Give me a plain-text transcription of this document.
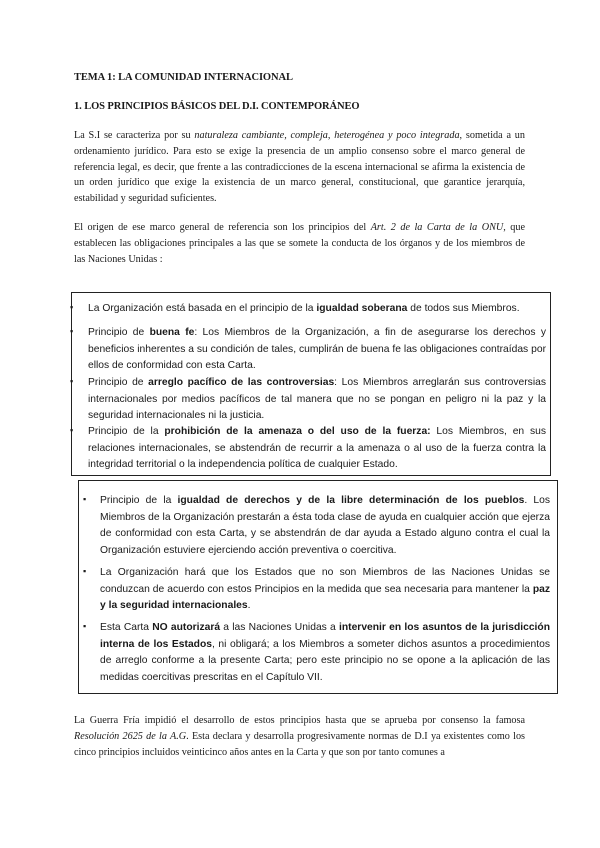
TEMA 1: LA COMUNIDAD INTERNACIONAL
1. LOS PRINCIPIOS BÁSICOS DEL D.I. CONTEMPORÁNEO

La S.I se caracteriza por su naturaleza cambiante, compleja, heterogénea y poco integrada, sometida a un ordenamiento jurídico. Para esto se exige la presencia de un amplio consenso sobre el marco general de referencia legal, es decir, que frente a las contradicciones de la escena internacional se afirma la existencia de un orden jurídico que exige la existencia de un marco general, constitucional, que garantice jerarquía, estabilidad y seguridad suficientes.

El origen de ese marco general de referencia son los principios del Art. 2 de la Carta de la ONU, que establecen las obligaciones principales a las que se somete la conducta de los órganos y de los miembros de las Naciones Unidas :

▪ La Organización está basada en el principio de la igualdad soberana de todos sus Miembros.
▪ Principio de buena fe: Los Miembros de la Organización, a fin de asegurarse los derechos y beneficios inherentes a su condición de tales, cumplirán de buena fe las obligaciones contraídas por ellos de conformidad con esta Carta.
▪ Principio de arreglo pacífico de las controversias: Los Miembros arreglarán sus controversias internacionales por medios pacíficos de tal manera que no se pongan en peligro ni la paz y la seguridad internacionales ni la justicia.
▪ Principio de la prohibición de la amenaza o del uso de la fuerza: Los Miembros, en sus relaciones internacionales, se abstendrán de recurrir a la amenaza o al uso de la fuerza contra la integridad territorial o la independencia política de cualquier Estado.
▪ Principio de la igualdad de derechos y de la libre determinación de los pueblos. Los Miembros de la Organización prestarán a ésta toda clase de ayuda en cualquier acción que ejerza de conformidad con esta Carta, y se abstendrán de dar ayuda a Estado alguno contra el cual la Organización estuviere ejerciendo acción preventiva o coercitiva.
▪ La Organización hará que los Estados que no son Miembros de las Naciones Unidas se conduzcan de acuerdo con estos Principios en la medida que sea necesaria para mantener la paz y la seguridad internacionales.
▪ Esta Carta NO autorizará a las Naciones Unidas a intervenir en los asuntos de la jurisdicción interna de los Estados, ni obligará; a los Miembros a someter dichos asuntos a procedimientos de arreglo conforme a la presente Carta; pero este principio no se opone a la aplicación de las medidas coercitivas prescritas en el Capítulo VII.

La Guerra Fría impidió el desarrollo de estos principios hasta que se aprueba por consenso la famosa Resolución 2625 de la A.G. Esta declara y desarrolla progresivamente normas de D.I ya existentes como los cinco principios incluidos veinticinco años antes en la Carta y que son por tanto comunes a
